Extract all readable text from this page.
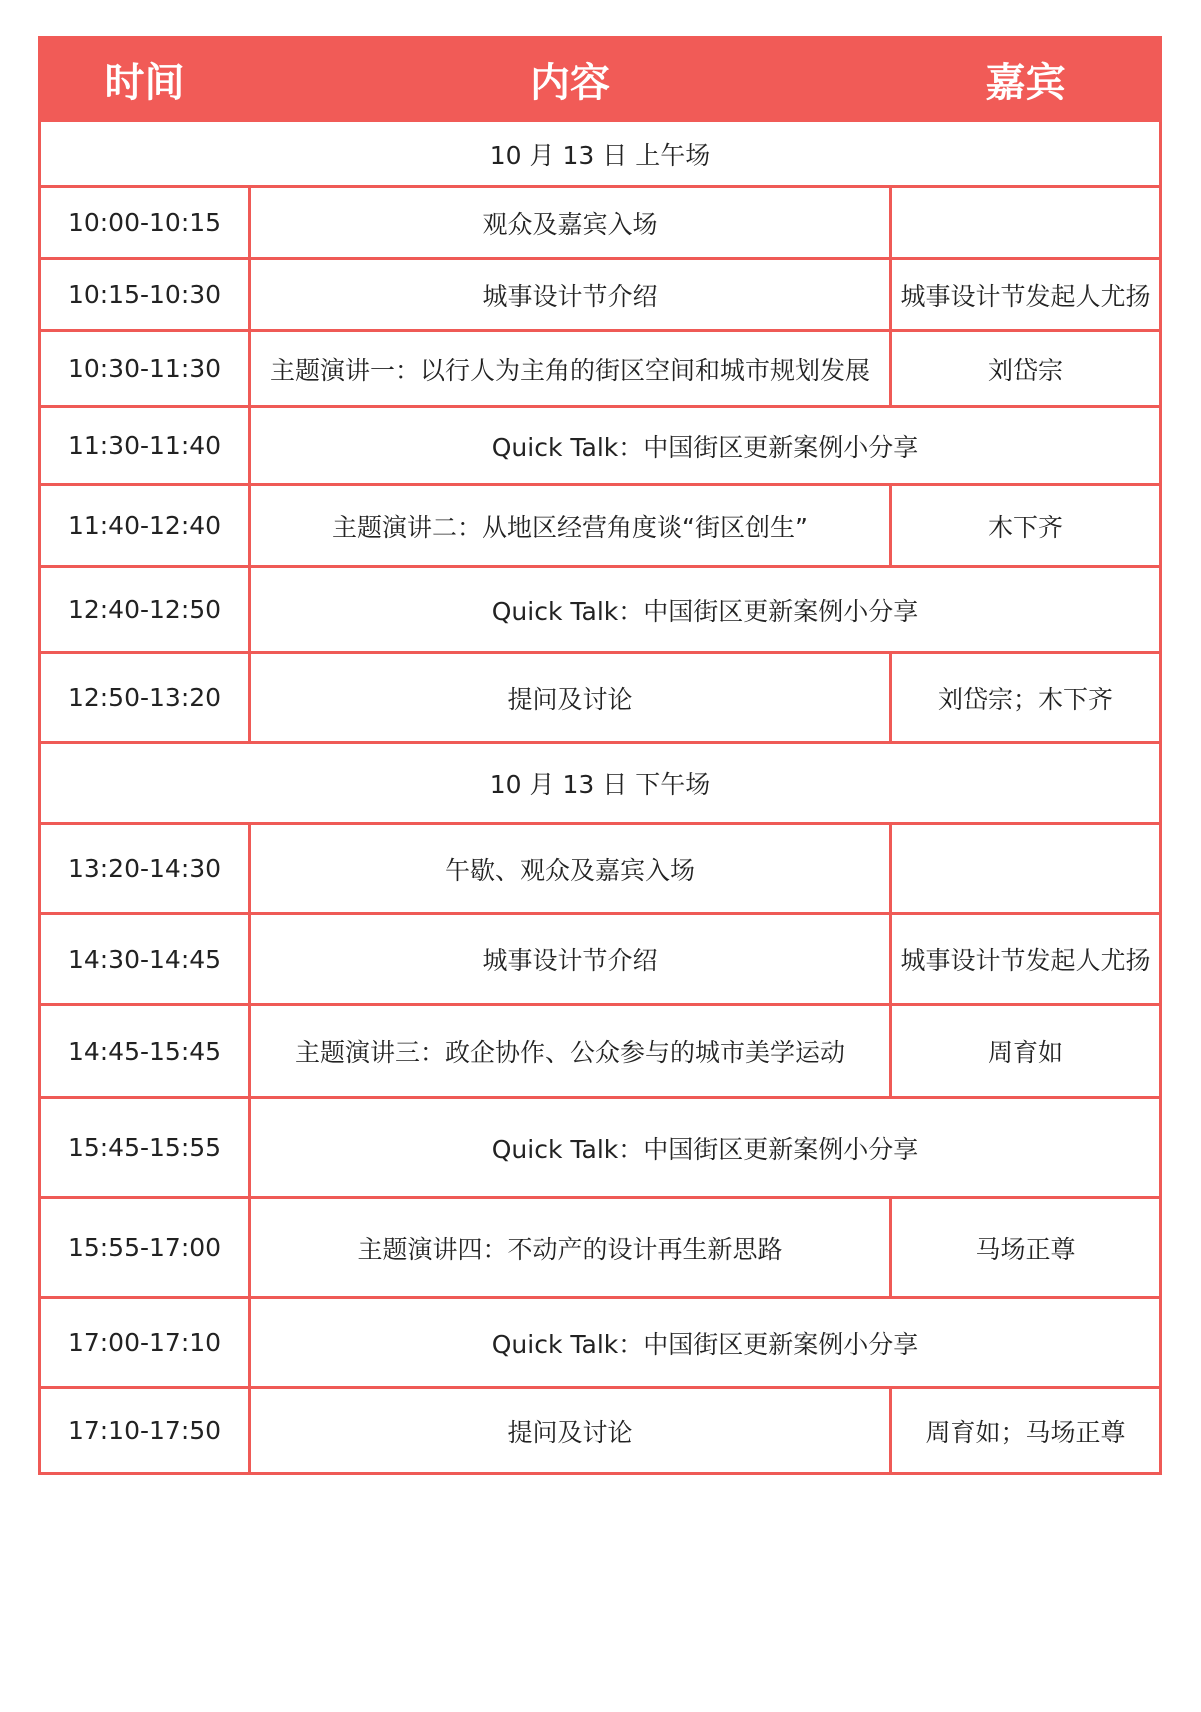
时间	内容	嘉宾
10 月 13 日 上午场		
10:00-10:15	观众及嘉宾入场	
10:15-10:30	城事设计节介绍	城事设计节发起人尤扬
10:30-11:30	主题演讲一：以行人为主角的街区空间和城市规划发展	刘岱宗
11:30-11:40	Quick Talk：中国街区更新案例小分享	
11:40-12:40	主题演讲二：从地区经营角度谈“街区创生”	木下齐
12:40-12:50	Quick Talk：中国街区更新案例小分享	
12:50-13:20	提问及讨论	刘岱宗；木下齐
10 月 13 日 下午场		
13:20-14:30	午歇、观众及嘉宾入场	
14:30-14:45	城事设计节介绍	城事设计节发起人尤扬
14:45-15:45	主题演讲三：政企协作、公众参与的城市美学运动	周育如
15:45-15:55	Quick Talk：中国街区更新案例小分享	
15:55-17:00	主题演讲四：不动产的设计再生新思路	马场正尊
17:00-17:10	Quick Talk：中国街区更新案例小分享	
17:10-17:50	提问及讨论	周育如；马场正尊
